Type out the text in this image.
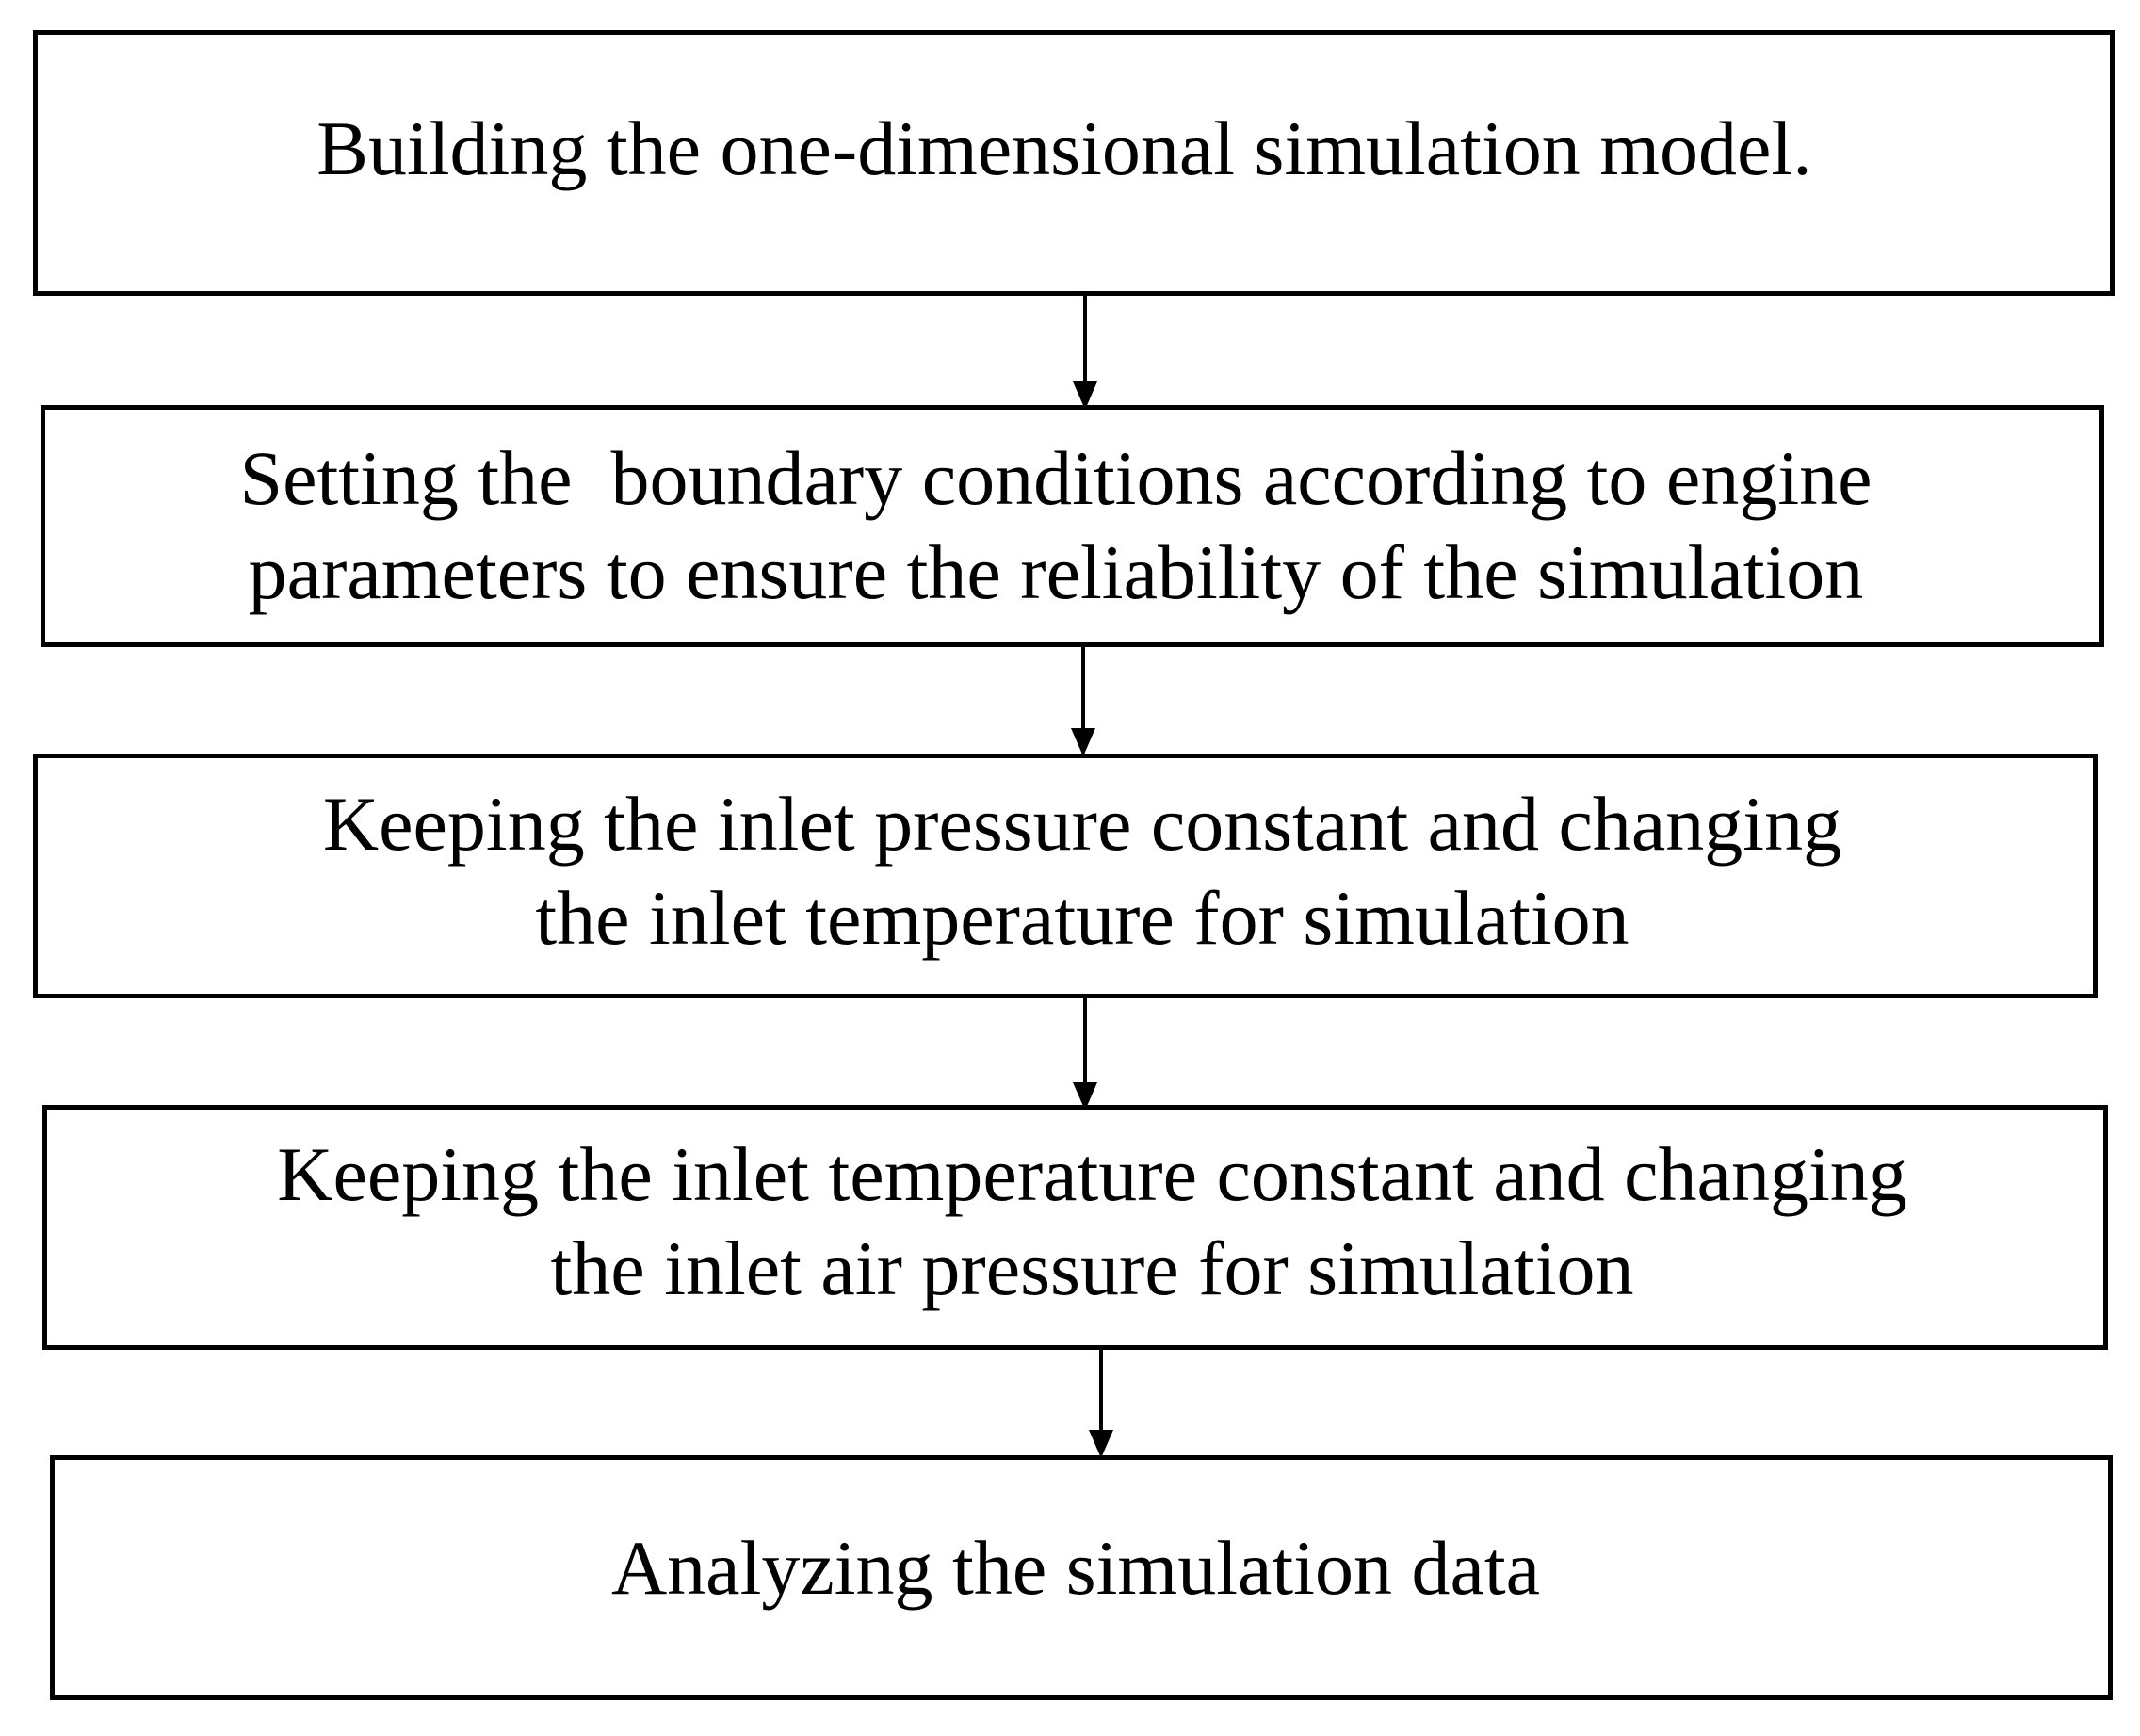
Building the one-dimensional simulation model.
Setting the  boundary conditions according to engine
parameters to ensure the reliability of the simulation
Keeping the inlet pressure constant and changing
the inlet temperature for simulation
Keeping the inlet temperature constant and changing
the inlet air pressure for simulation
Analyzing the simulation data
